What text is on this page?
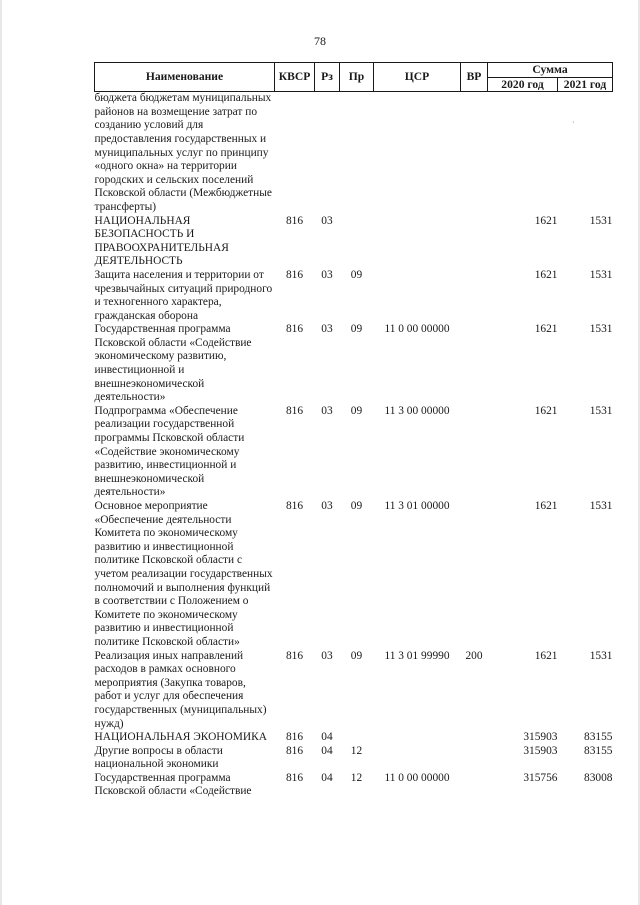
78
Наименование	КВСР	Рз	Пр	ЦСР	ВР	Сумма	
						2020 год	2021 год
бюджета бюджетам муниципальных районов на возмещение затрат по созданию условий для предоставления государственных и муниципальных услуг по принципу «одного окна» на территории городских и сельских поселений Псковской области (Межбюджетные трансферты)							
НАЦИОНАЛЬНАЯ БЕЗОПАСНОСТЬ И ПРАВООХРАНИТЕЛЬНАЯ ДЕЯТЕЛЬНОСТЬ	816	03				1621	1531
Защита населения и территории от чрезвычайных ситуаций природного и техногенного характера, гражданская оборона	816	03	09			1621	1531
Государственная программа Псковской области «Содействие экономическому развитию, инвестиционной и внешнеэкономической деятельности»	816	03	09	11 0 00 00000		1621	1531
Подпрограмма «Обеспечение реализации государственной программы Псковской области «Содействие экономическому развитию, инвестиционной и внешнеэкономической деятельности»	816	03	09	11 3 00 00000		1621	1531
Основное мероприятие «Обеспечение деятельности Комитета по экономическому развитию и инвестиционной политике Псковской области с учетом реализации государственных полномочий и выполнения функций в соответствии с Положением о Комитете по экономическому развитию и инвестиционной политике Псковской области»	816	03	09	11 3 01 00000		1621	1531
Реализация иных направлений расходов в рамках основного мероприятия (Закупка товаров, работ и услуг для обеспечения государственных (муниципальных) нужд)	816	03	09	11 3 01 99990	200	1621	1531
НАЦИОНАЛЬНАЯ ЭКОНОМИКА	816	04				315903	83155
Другие вопросы в области национальной экономики	816	04	12			315903	83155
Государственная программа Псковской области «Содействие	816	04	12	11 0 00 00000		315756	83008
·
